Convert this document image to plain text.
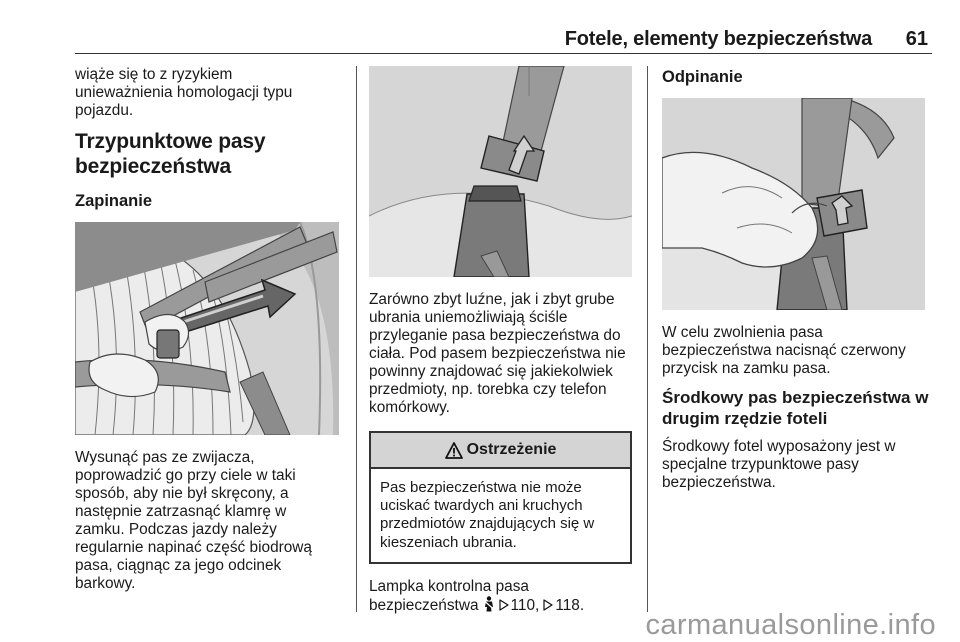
Fotele, elementy bezpieczeństwa 61

wiąże się to z ryzykiem unieważnienia homologacji typu pojazdu.

Trzypunktowe pasy bezpieczeństwa
Zapinanie

Wysunąć pas ze zwijacza, poprowadzić go przy ciele w taki sposób, aby nie był skręcony, a następnie zatrzasnąć klamrę w zamku. Podczas jazdy należy regularnie napinać część biodrową pasa, ciągnąc za jego odcinek barkowy.

Zarówno zbyt luźne, jak i zbyt grube ubrania uniemożliwiają ściśle przyleganie pasa bezpieczeństwa do ciała. Pod pasem bezpieczeństwa nie powinny znajdować się jakiekolwiek przedmioty, np. torebka czy telefon komórkowy.

Ostrzeżenie

Pas bezpieczeństwa nie może uciskać twardych ani kruchych przedmiotów znajdujących się w kieszeniach ubrania.

Lampka kontrolna pasa
bezpieczeństwa 110, 118.

Odpinanie

W celu zwolnienia pasa bezpieczeństwa nacisnąć czerwony przycisk na zamku pasa.

Środkowy pas bezpieczeństwa w drugim rzędzie foteli

Środkowy fotel wyposażony jest w specjalne trzypunktowe pasy bezpieczeństwa.

carmanualsonline.info
